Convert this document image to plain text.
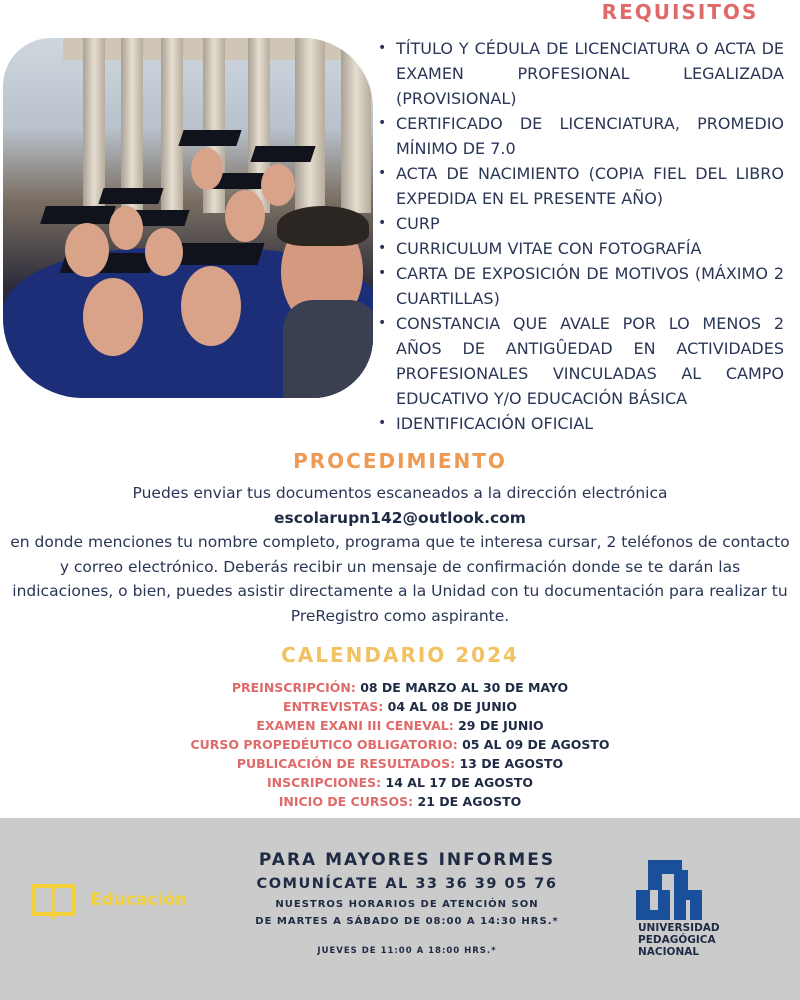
REQUISITOS
• TÍTULO Y CÉDULA DE LICENCIATURA O ACTA DE EXAMEN PROFESIONAL LEGALIZADA (PROVISIONAL)
• CERTIFICADO DE LICENCIATURA, PROMEDIO MÍNIMO DE 7.0
• ACTA DE NACIMIENTO (COPIA FIEL DEL LIBRO EXPEDIDA EN EL PRESENTE AÑO)
• CURP
• CURRICULUM VITAE CON FOTOGRAFÍA
• CARTA DE EXPOSICIÓN DE MOTIVOS (MÁXIMO 2 CUARTILLAS)
• CONSTANCIA QUE AVALE POR LO MENOS 2 AÑOS DE ANTIGÛEDAD EN ACTIVIDADES PROFESIONALES VINCULADAS AL CAMPO EDUCATIVO Y/O EDUCACIÓN BÁSICA
• IDENTIFICACIÓN OFICIAL
PROCEDIMIENTO
Puedes enviar tus documentos escaneados a la dirección electrónica
escolarupn142@outlook.com
en donde menciones tu nombre completo, programa que te interesa cursar, 2 teléfonos de contacto y correo electrónico. Deberás recibir un mensaje de confirmación donde se te darán las indicaciones, o bien, puedes asistir directamente a la Unidad con tu documentación para realizar tu PreRegistro como aspirante.
CALENDARIO 2024
PREINSCRIPCIÓN: 08 DE MARZO AL 30 DE MAYO
ENTREVISTAS: 04 AL 08 DE JUNIO
EXAMEN EXANI III CENEVAL: 29 DE JUNIO
CURSO PROPEDÉUTICO OBLIGATORIO: 05 AL 09 DE AGOSTO
PUBLICACIÓN DE RESULTADOS: 13 DE AGOSTO
INSCRIPCIONES: 14 AL 17 DE AGOSTO
INICIO DE CURSOS: 21 DE AGOSTO
Educación
PARA MAYORES INFORMES
COMUNÍCATE AL 33 36 39 05 76
NUESTROS HORARIOS DE ATENCIÓN SON
DE MARTES A SÁBADO DE 08:00 A 14:30 HRS.*
JUEVES DE 11:00 A 18:00 HRS.*
UNIVERSIDAD PEDAGÓGICA NACIONAL
